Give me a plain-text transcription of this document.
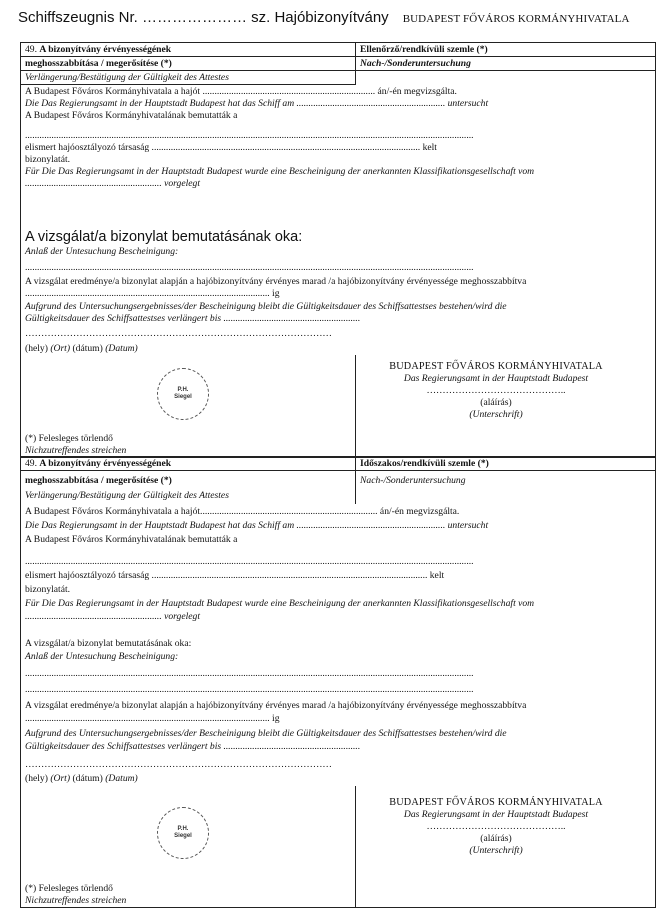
Schiffszeugnis Nr. ………………… sz. Hajóbizonyítvány BUDAPEST FŐVÁROS KORMÁNYHIVATALA
49. A bizonyítvány érvényességének
meghosszabbítása / megerősítése (*)
Verlängerung/Bestätigung der Gültigkeit des Attestes
Ellenőrző/rendkívüli szemle (*)
Nach-/Sonderuntersuchung
A Budapest Főváros Kormányhivatala a hajót ........................................................................ án/-én megvizsgálta.
Die Das Regierungsamt in der Hauptstadt Budapest hat das Schiff am .............................................................. untersucht
A Budapest Főváros Kormányhivatalának bemutatták a
...........................................................................................................................................................................................
elismert hajóosztályozó társaság ................................................................................................................ kelt
bizonylatát.
Für Die Das Regierungsamt in der Hauptstadt Budapest wurde eine Bescheinigung der anerkannten Klassifikationsgesellschaft vom
......................................................... vorgelegt
A vizsgálat/a bizonylat bemutatásának oka:
Anlaß der Untesuchung Bescheinigung:
...........................................................................................................................................................................................
A vizsgálat eredménye/a bizonylat alapján a hajóbizonyítvány érvényes marad /a hajóbizonyítvány érvényessége meghosszabbítva
...................................................................................................... ig
Aufgrund des Untersuchungsergebnisses/der Bescheinigung bleibt die Gültigkeitsdauer des Schiffsattestses bestehen/wird die
Gültigkeitsdauer des Schiffsattestses verlängert bis .........................................................
……………………………………………………………………………………
(hely) (Ort) (dátum) (Datum)
P.H.
Siegel
(*) Felesleges törlendő
Nichzutreffendes streichen
BUDAPEST FŐVÁROS KORMÁNYHIVATALA
Das Regierungsamt in der Hauptstadt Budapest
……………………………………..
(aláírás)
(Unterschrift)
49. A bizonyítvány érvényességének
meghosszabbítása / megerősítése (*)
Verlängerung/Bestätigung der Gültigkeit des Attestes
Időszakos/rendkívüli szemle (*)
Nach-/Sonderuntersuchung
A Budapest Főváros Kormányhivatala a hajót.......................................................................... án/-én megvizsgálta.
Die Das Regierungsamt in der Hauptstadt Budapest hat das Schiff am .............................................................. untersucht
A Budapest Főváros Kormányhivatalának bemutatták a
...........................................................................................................................................................................................
elismert hajóosztályozó társaság ................................................................................................................... kelt
bizonylatát.
Für Die Das Regierungsamt in der Hauptstadt Budapest wurde eine Bescheinigung der anerkannten Klassifikationsgesellschaft vom
......................................................... vorgelegt
A vizsgálat/a bizonylat bemutatásának oka:
Anlaß der Untesuchung Bescheinigung:
...........................................................................................................................................................................................
...........................................................................................................................................................................................
A vizsgálat eredménye/a bizonylat alapján a hajóbizonyítvány érvényes marad /a hajóbizonyítvány érvényessége meghosszabbítva
...................................................................................................... ig
Aufgrund des Untersuchungsergebnisses/der Bescheinigung bleibt die Gültigkeitsdauer des Schiffsattestses bestehen/wird die
Gültigkeitsdauer des Schiffsattestses verlängert bis .........................................................
……………………………………………………………………………………
(hely) (Ort) (dátum) (Datum)
P.H.
Siegel
(*) Felesleges törlendő
Nichzutreffendes streichen
BUDAPEST FŐVÁROS KORMÁNYHIVATALA
Das Regierungsamt in der Hauptstadt Budapest
……………………………………..
(aláírás)
(Unterschrift)
